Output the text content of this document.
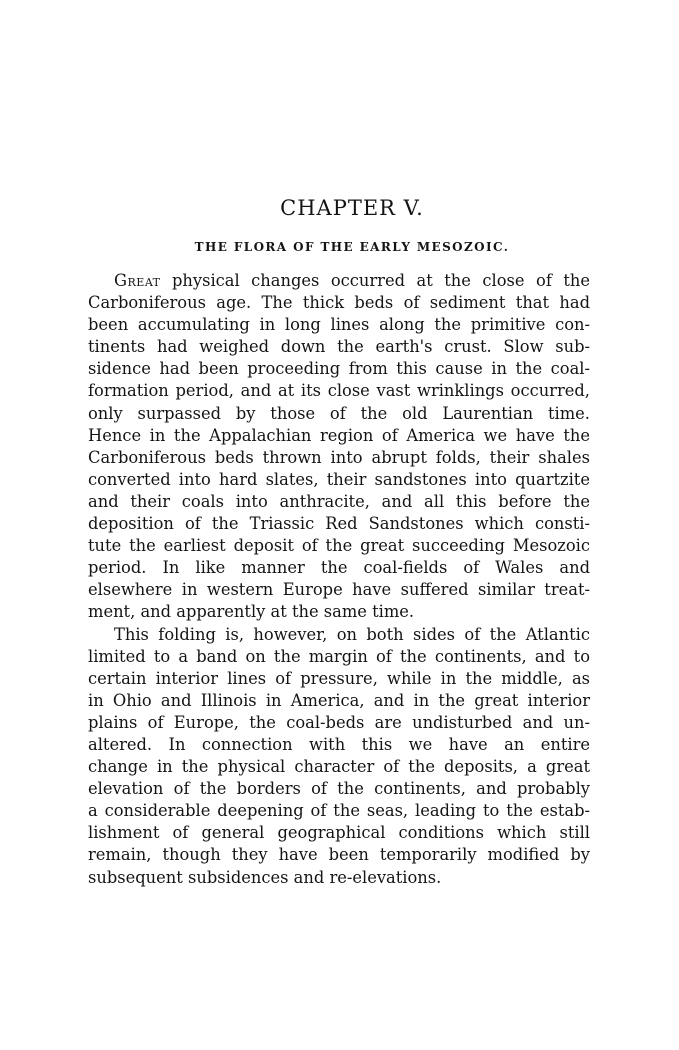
CHAPTER V.
THE FLORA OF THE EARLY MESOZOIC.

Great physical changes occurred at the close of the
Carboniferous age. The thick beds of sediment that had
been accumulating in long lines along the primitive con-
tinents had weighed down the earth's crust. Slow sub-
sidence had been proceeding from this cause in the coal-
formation period, and at its close vast wrinklings occurred,
only surpassed by those of the old Laurentian time.
Hence in the Appalachian region of America we have the
Carboniferous beds thrown into abrupt folds, their shales
converted into hard slates, their sandstones into quartzite
and their coals into anthracite, and all this before the
deposition of the Triassic Red Sandstones which consti-
tute the earliest deposit of the great succeeding Mesozoic
period. In like manner the coal-fields of Wales and
elsewhere in western Europe have suffered similar treat-
ment, and apparently at the same time.

This folding is, however, on both sides of the Atlantic
limited to a band on the margin of the continents, and to
certain interior lines of pressure, while in the middle, as
in Ohio and Illinois in America, and in the great interior
plains of Europe, the coal-beds are undisturbed and un-
altered. In connection with this we have an entire
change in the physical character of the deposits, a great
elevation of the borders of the continents, and probably
a considerable deepening of the seas, leading to the estab-
lishment of general geographical conditions which still
remain, though they have been temporarily modified by
subsequent subsidences and re-elevations.
